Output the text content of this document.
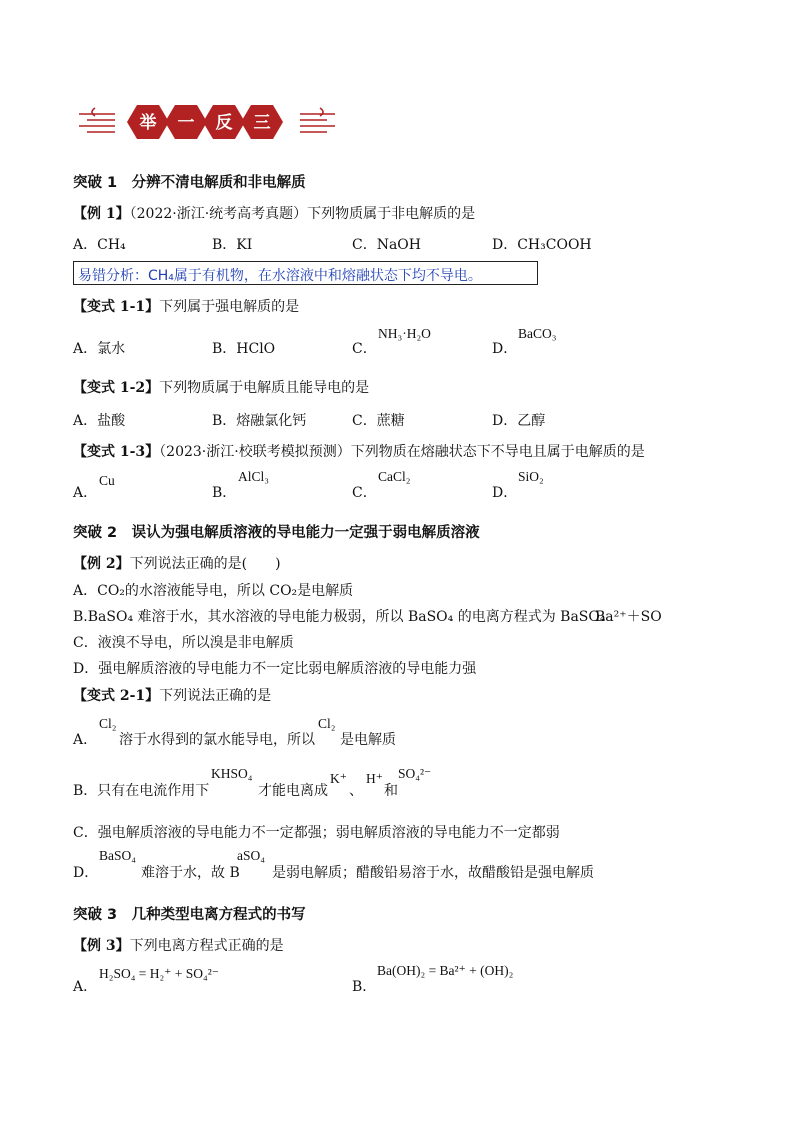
举 一 反 三
突破 1　分辨不清电解质和非电解质
【例 1】（2022·浙江·统考高考真题）下列物质属于非电解质的是
A．CH₄	B．KI	C．NaOH	D．CH₃COOH
易错分析：CH₄属于有机物，在水溶液中和熔融状态下均不导电。
【变式 1-1】下列属于强电解质的是
A．氯水	B．HClO	C．
NH₃·H₂O
D．
BaCO₃
【变式 1-2】下列物质属于电解质且能导电的是
A．盐酸	B．熔融氯化钙	C．蔗糖	D．乙醇
【变式 1-3】（2023·浙江·校联考模拟预测）下列物质在熔融状态下不导电且属于电解质的是
A．
Cu
B．
AlCl₃
C．
CaCl₂
D．
SiO₂
突破 2　误认为强电解质溶液的导电能力一定强于弱电解质溶液
【例 2】下列说法正确的是(　　)
A．CO₂的水溶液能导电，所以 CO₂是电解质
B.BaSO₄ 难溶于水，其水溶液的导电能力极弱，所以 BaSO₄ 的电离方程式为 BaSO₄
Ba²⁺＋SO
C．液溴不导电，所以溴是非电解质
D．强电解质溶液的导电能力不一定比弱电解质溶液的导电能力强
【变式 2-1】下列说法正确的是
A．
Cl₂
溶于水得到的氯水能导电，所以
Cl₂
是电解质
B．只有在电流作用下
KHSO₄
才能电离成
K⁺
、
H⁺
和
SO₄²⁻
C．强电解质溶液的导电能力不一定都强；弱电解质溶液的导电能力不一定都弱
D．
BaSO₄
难溶于水，故 B
aSO₄
是弱电解质；醋酸铅易溶于水，故醋酸铅是强电解质
突破 3　几种类型电离方程式的书写
【例 3】下列电离方程式正确的是
A．
H₂SO₄ = H₂⁺ + SO₄²⁻
B．
Ba(OH)₂ = Ba²⁺ + (OH)₂
